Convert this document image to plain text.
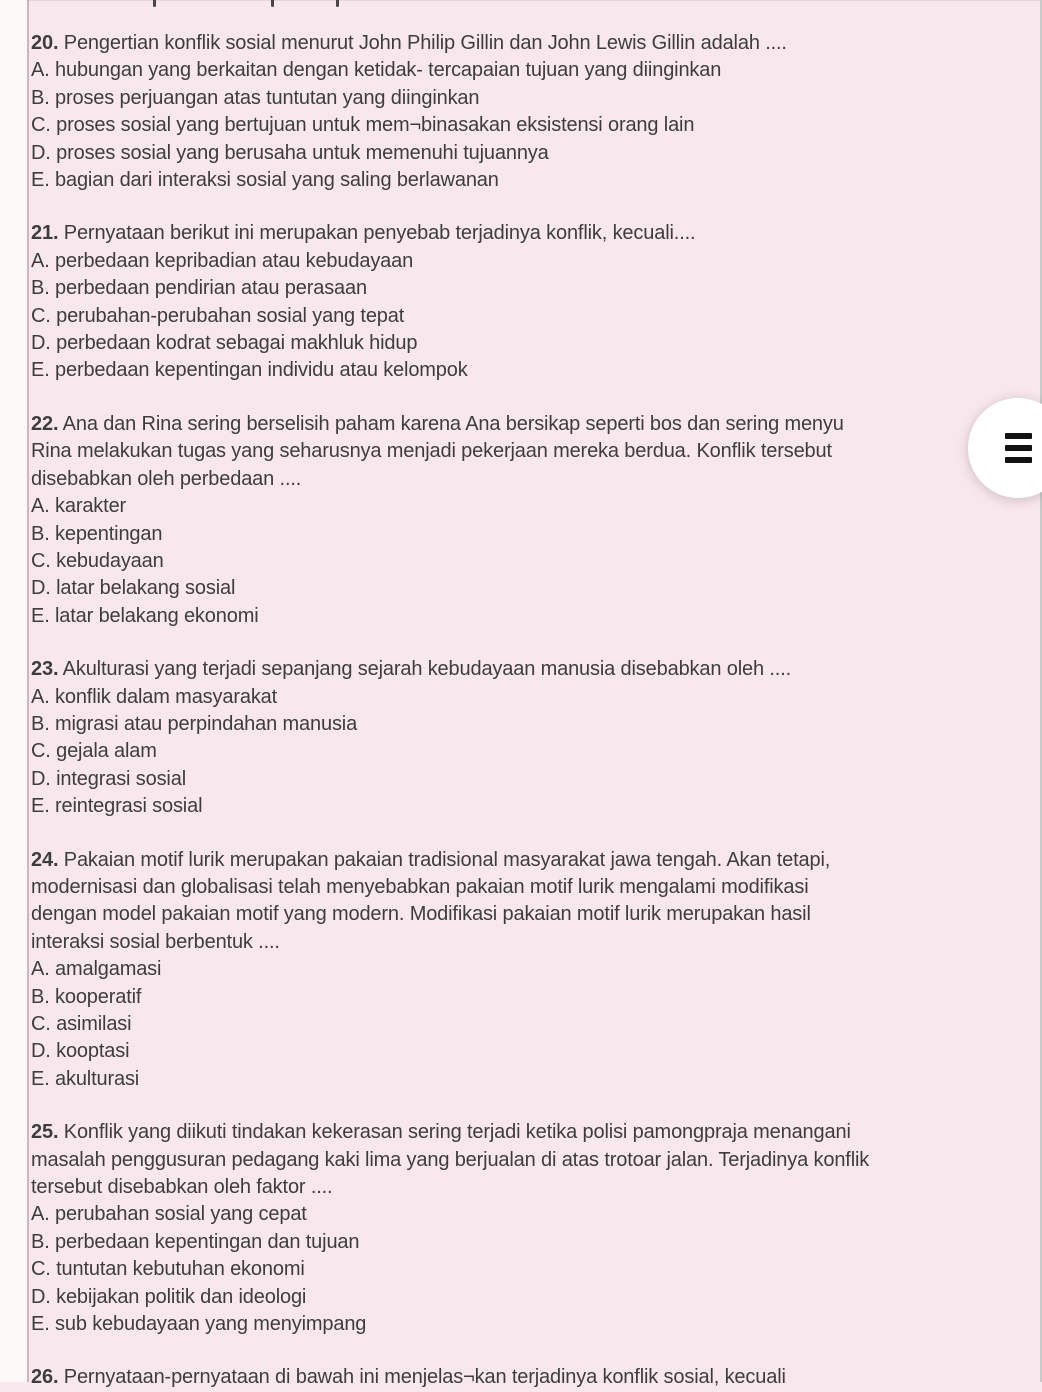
20. Pengertian konflik sosial menurut John Philip Gillin dan John Lewis Gillin adalah ....
A. hubungan yang berkaitan dengan ketidak- tercapaian tujuan yang diinginkan
B. proses perjuangan atas tuntutan yang diinginkan
C. proses sosial yang bertujuan untuk mem¬binasakan eksistensi orang lain
D. proses sosial yang berusaha untuk memenuhi tujuannya
E. bagian dari interaksi sosial yang saling berlawanan
21. Pernyataan berikut ini merupakan penyebab terjadinya konflik, kecuali....
A. perbedaan kepribadian atau kebudayaan
B. perbedaan pendirian atau perasaan
C. perubahan-perubahan sosial yang tepat
D. perbedaan kodrat sebagai makhluk hidup
E. perbedaan kepentingan individu atau kelompok
22. Ana dan Rina sering berselisih paham karena Ana bersikap seperti bos dan sering menyu
Rina melakukan tugas yang seharusnya menjadi pekerjaan mereka berdua. Konflik tersebut
disebabkan oleh perbedaan ....
A. karakter
B. kepentingan
C. kebudayaan
D. latar belakang sosial
E. latar belakang ekonomi
23. Akulturasi yang terjadi sepanjang sejarah kebudayaan manusia disebabkan oleh ....
A. konflik dalam masyarakat
B. migrasi atau perpindahan manusia
C. gejala alam
D. integrasi sosial
E. reintegrasi sosial
24. Pakaian motif lurik merupakan pakaian tradisional masyarakat jawa tengah. Akan tetapi,
modernisasi dan globalisasi telah menyebabkan pakaian motif lurik mengalami modifikasi
dengan model pakaian motif yang modern. Modifikasi pakaian motif lurik merupakan hasil
interaksi sosial berbentuk ....
A. amalgamasi
B. kooperatif
C. asimilasi
D. kooptasi
E. akulturasi
25. Konflik yang diikuti tindakan kekerasan sering terjadi ketika polisi pamongpraja menangani
masalah penggusuran pedagang kaki lima yang berjualan di atas trotoar jalan. Terjadinya konflik
tersebut disebabkan oleh faktor ....
A. perubahan sosial yang cepat
B. perbedaan kepentingan dan tujuan
C. tuntutan kebutuhan ekonomi
D. kebijakan politik dan ideologi
E. sub kebudayaan yang menyimpang
26. Pernyataan-pernyataan di bawah ini menjelas¬kan terjadinya konflik sosial, kecuali
